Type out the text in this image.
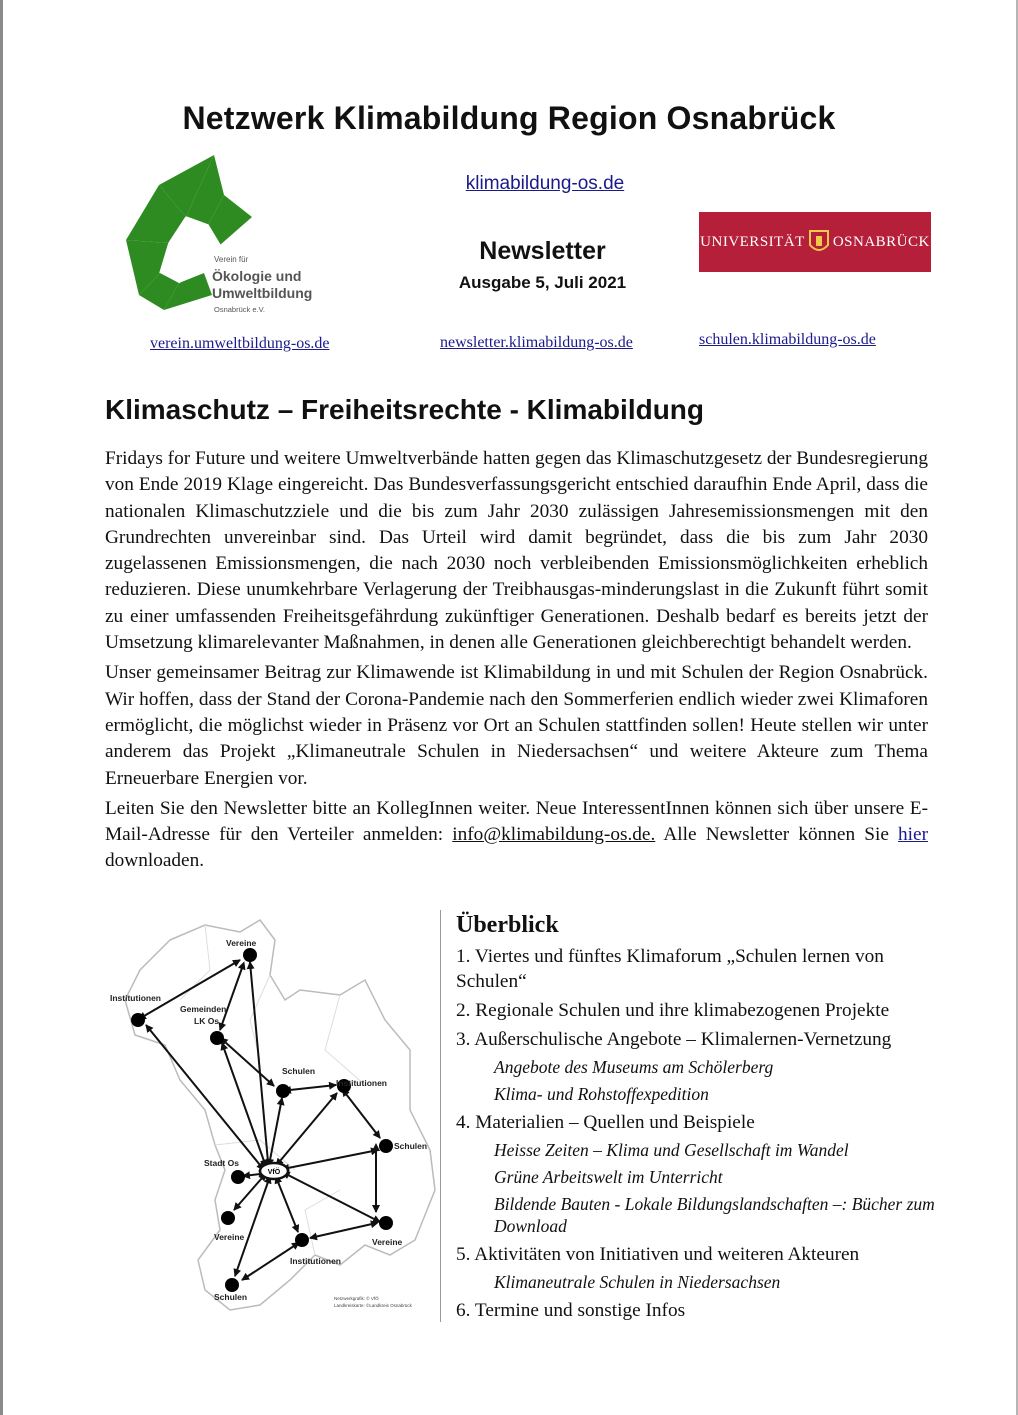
Netzwerk Klimabildung Region Osnabrück
klimabildung-os.de
Newsletter
Ausgabe 5, Juli 2021
Verein für
Ökologie und
Umweltbildung
Osnabrück e.V.
UNIVERSITÄT OSNABRÜCK
verein.umweltbildung-os.de	newsletter.klimabildung-os.de	schulen.klimabildung-os.de
Klimaschutz – Freiheitsrechte - Klimabildung

Fridays for Future und weitere Umweltverbände hatten gegen das Klimaschutzgesetz der Bundesregierung von Ende 2019 Klage eingereicht. Das Bundesverfassungsgericht entschied daraufhin Ende April, dass die nationalen Klimaschutzziele und die bis zum Jahr 2030 zulässigen Jahresemissionsmengen mit den Grundrechten unvereinbar sind. Das Urteil wird damit begründet, dass die bis zum Jahr 2030 zugelassenen Emissionsmengen, die nach 2030 noch verbleibenden Emissionsmöglichkeiten erheblich reduzieren. Diese unumkehrbare Verlagerung der Treibhausgas-minderungslast in die Zukunft führt somit zu einer umfassenden Freiheitsgefährdung zukünftiger Generationen. Deshalb bedarf es bereits jetzt der Umsetzung klimarelevanter Maßnahmen, in denen alle Generationen gleichberechtigt behandelt werden.

Unser gemeinsamer Beitrag zur Klimawende ist Klimabildung in und mit Schulen der Region Osnabrück. Wir hoffen, dass der Stand der Corona-Pandemie nach den Sommerferien endlich wieder zwei Klimaforen ermöglicht, die möglichst wieder in Präsenz vor Ort an Schulen stattfinden sollen! Heute stellen wir unter anderem das Projekt „Klimaneutrale Schulen in Niedersachsen“ und weitere Akteure zum Thema Erneuerbare Energien vor.

Leiten Sie den Newsletter bitte an KollegInnen weiter. Neue InteressentInnen können sich über unsere E-Mail-Adresse für den Verteiler anmelden: info@klimabildung-os.de. Alle Newsletter können Sie hier downloaden.

VfÖ
Vereine
Institutionen
Gemeinden
LK Os
Schulen
Institutionen
Schulen
Stadt Os
Vereine	Vereine
Institutionen
Schulen	Netzwerkgrafik: © VfÖ
Landkreiskarte: ©Landkreis Osnabrück
Überblick
1. Viertes und fünftes Klimaforum „Schulen lernen von Schulen“
2. Regionale Schulen und ihre klimabezogenen Projekte
3. Außerschulische Angebote – Klimalernen-Vernetzung
Angebote des Museums am Schölerberg
Klima- und Rohstoffexpedition
4. Materialien – Quellen und Beispiele
Heisse Zeiten – Klima und Gesellschaft im Wandel
Grüne Arbeitswelt im Unterricht
Bildende Bauten - Lokale Bildungslandschaften –: Bücher zum Download
5. Aktivitäten von Initiativen und weiteren Akteuren
Klimaneutrale Schulen in Niedersachsen
6. Termine und sonstige Infos
